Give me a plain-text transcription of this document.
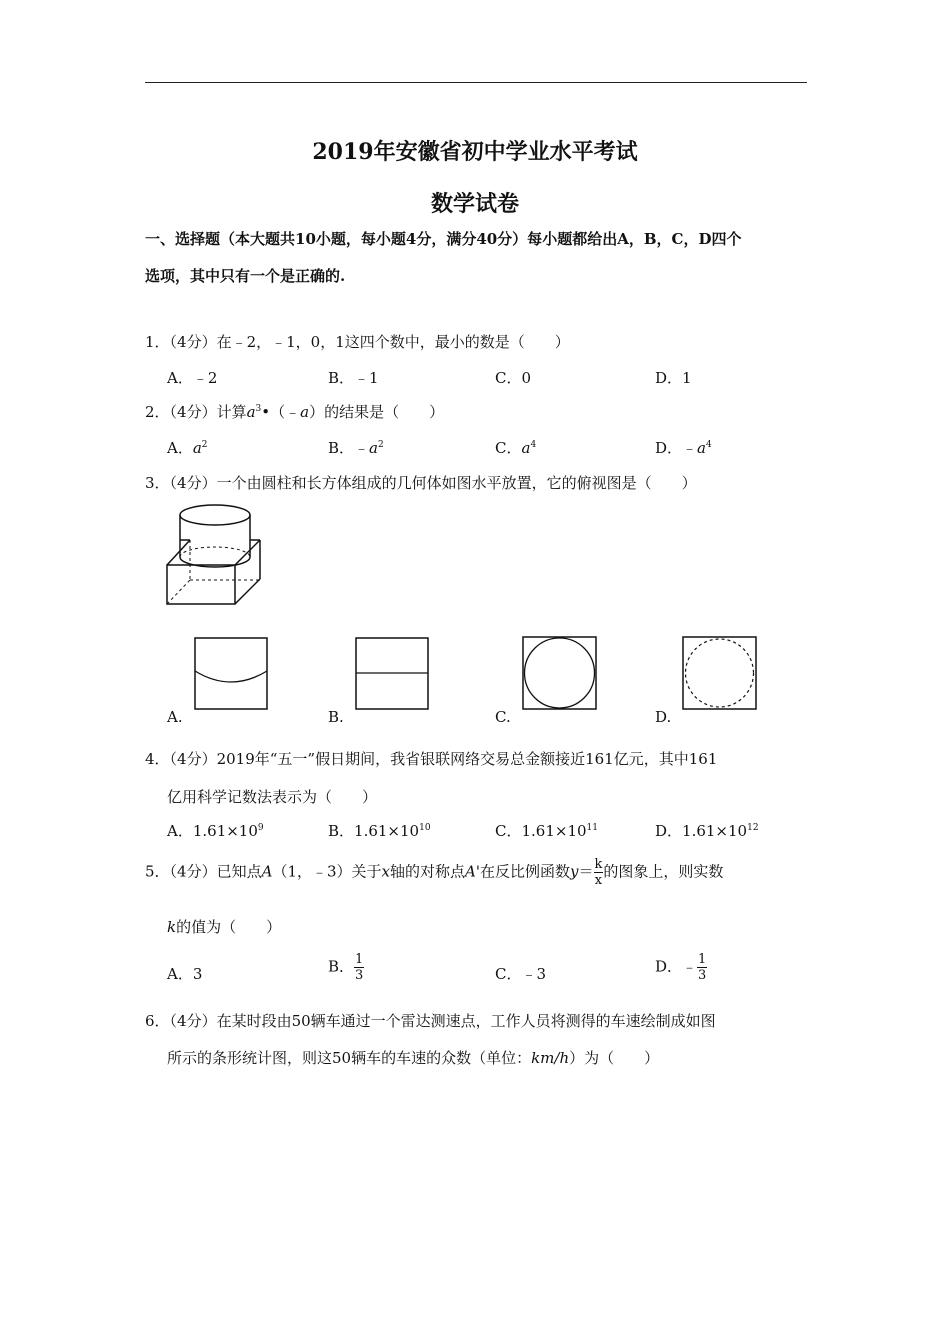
2019年安徽省初中学业水平考试
数学试卷
一、选择题（本大题共10小题，每小题4分，满分40分）每小题都给出A，B，C，D四个
选项，其中只有一个是正确的.
1．（4分）在﹣2，﹣1，0，1这四个数中，最小的数是（　　）
A．﹣2	B．﹣1	C．0	D．1
2．（4分）计算$a^3•(﹣a)$的结果是（　　）
A．$a^2$	B．$﹣a^2$	C．$a^4$	D．$﹣a^4$
3．（4分）一个由圆柱和长方体组成的几何体如图水平放置，它的俯视图是（　　）
A.	B.	C.	D.
4．（4分）2019年“五一”假日期间，我省银联网络交易总金额接近161亿元，其中161
亿用科学记数法表示为（　　）
A．$1.61\times 10^9$	B．$1.61\times 10^{10}$	C．$1.61\times 10^{11}$	D．$1.61\times 10^{12}$
5．（4分）已知点A（1，﹣3）关于x轴的对称点A'在反比例函数$y= \frac{k}{x}$ 的图象上，则实数
k的值为（　　）
A．3	B． $\frac{1}{3}$	C．﹣3	D．﹣ $\frac{1}{3}$
6．（4分）在某时段由50辆车通过一个雷达测速点，工作人员将测得的车速绘制成如图
所示的条形统计图，则这50辆车的车速的众数（单位：km/h）为（　　）
